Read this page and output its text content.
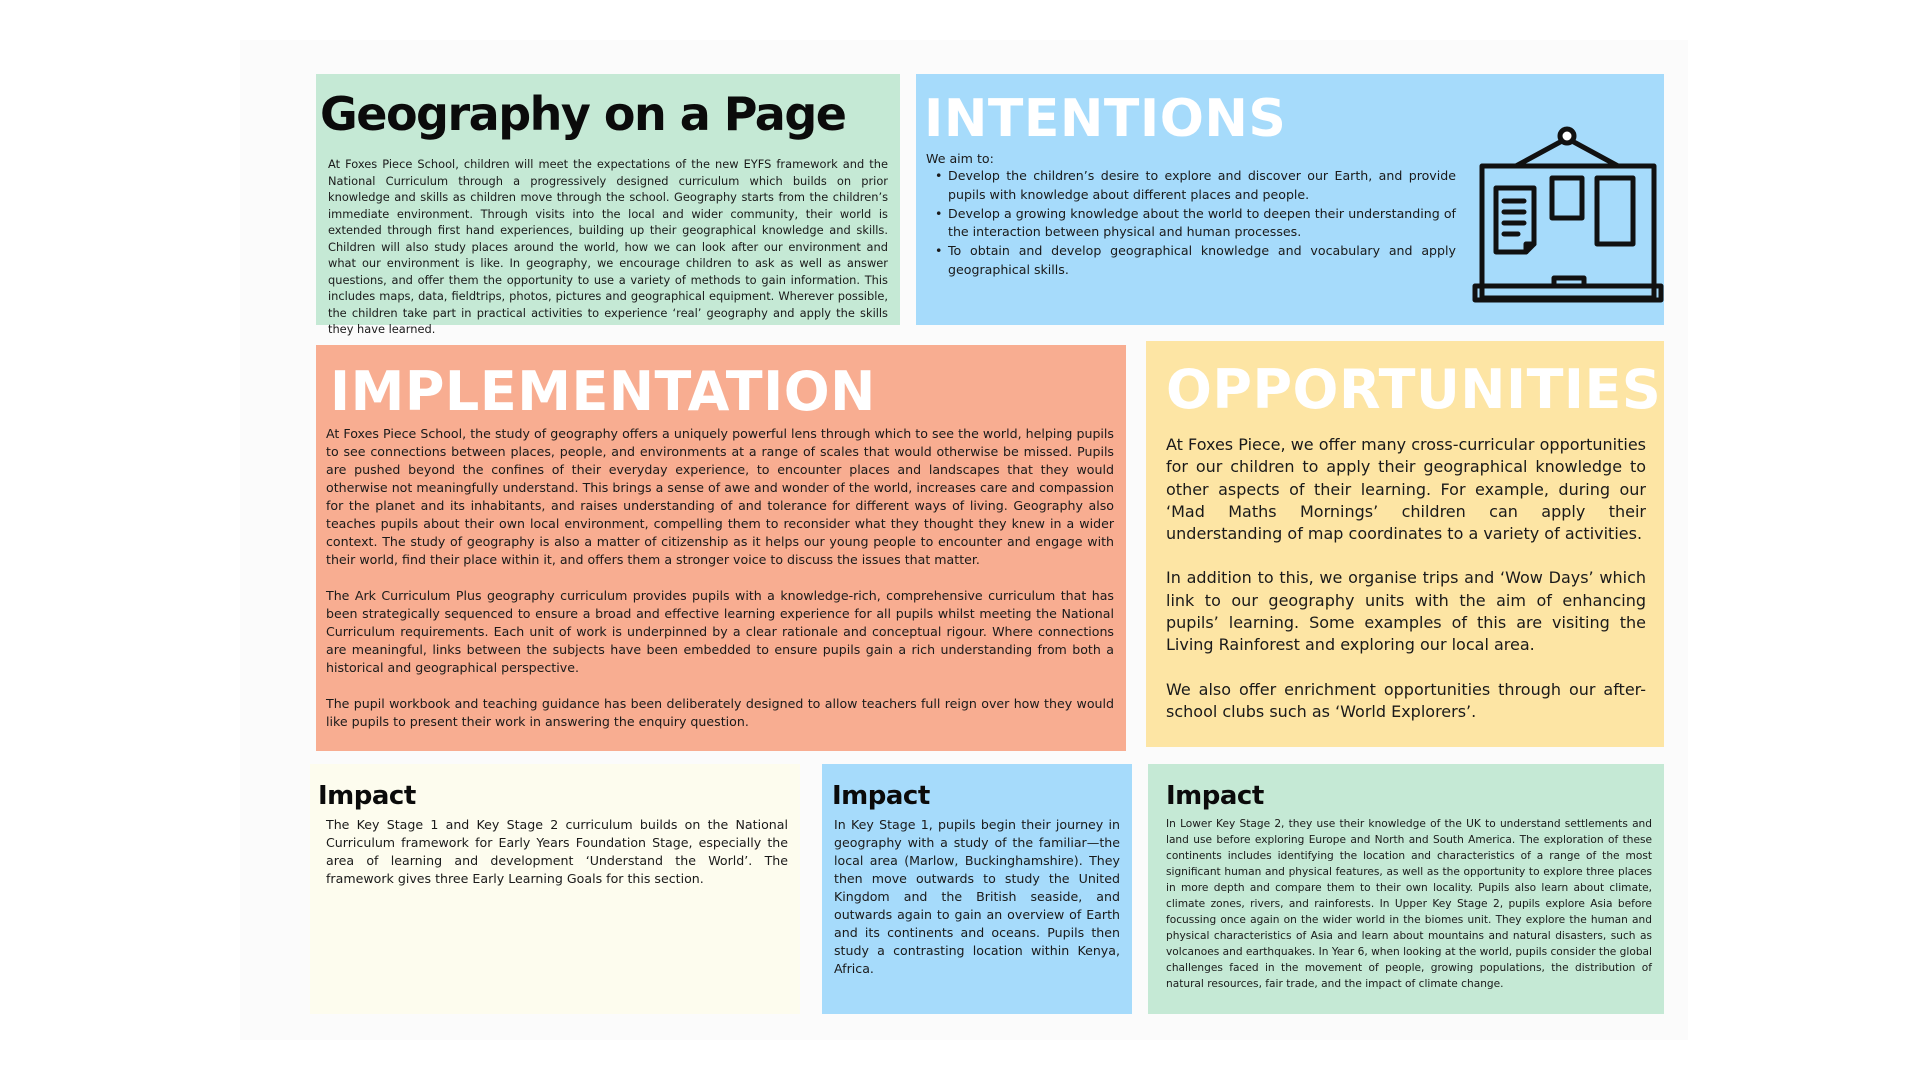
Geography on a Page

At Foxes Piece School, children will meet the expectations of the new EYFS framework and the National Curriculum through a progressively designed curriculum which builds on prior knowledge and skills as children move through the school. Geography starts from the children’s immediate environment. Through visits into the local and wider community, their world is extended through first hand experiences, building up their geographical knowledge and skills. Children will also study places around the world, how we can look after our environment and what our environment is like. In geography, we encourage children to ask as well as answer questions, and offer them the opportunity to use a variety of methods to gain information. This includes maps, data, fieldtrips, photos, pictures and geographical equipment. Wherever possible, the children take part in practical activities to experience ‘real’ geography and apply the skills they have learned.

INTENTIONS

We aim to:

• Develop the children’s desire to explore and discover our Earth, and provide pupils with knowledge about different places and people.
• Develop a growing knowledge about the world to deepen their understanding of the interaction between physical and human processes.
• To obtain and develop geographical knowledge and vocabulary and apply geographical skills.
IMPLEMENTATION

At Foxes Piece School, the study of geography offers a uniquely powerful lens through which to see the world, helping pupils to see connections between places, people, and environments at a range of scales that would otherwise be missed. Pupils are pushed beyond the confines of their everyday experience, to encounter places and landscapes that they would otherwise not meaningfully understand. This brings a sense of awe and wonder of the world, increases care and compassion for the planet and its inhabitants, and raises understanding of and tolerance for different ways of living. Geography also teaches pupils about their own local environment, compelling them to reconsider what they thought they knew in a wider context. The study of geography is also a matter of citizenship as it helps our young people to encounter and engage with their world, find their place within it, and offers them a stronger voice to discuss the issues that matter.

The Ark Curriculum Plus geography curriculum provides pupils with a knowledge-rich, comprehensive curriculum that has been strategically sequenced to ensure a broad and effective learning experience for all pupils whilst meeting the National Curriculum requirements. Each unit of work is underpinned by a clear rationale and conceptual rigour. Where connections are meaningful, links between the subjects have been embedded to ensure pupils gain a rich understanding from both a historical and geographical perspective.

The pupil workbook and teaching guidance has been deliberately designed to allow teachers full reign over how they would like pupils to present their work in answering the enquiry question.

OPPORTUNITIES

At Foxes Piece, we offer many cross-curricular opportunities for our children to apply their geographical knowledge to other aspects of their learning. For example, during our ‘Mad Maths Mornings’ children can apply their understanding of map coordinates to a variety of activities.

In addition to this, we organise trips and ‘Wow Days’ which link to our geography units with the aim of enhancing pupils’ learning. Some examples of this are visiting the Living Rainforest and exploring our local area.

We also offer enrichment opportunities through our after-school clubs such as ‘World Explorers’.

Impact

The Key Stage 1 and Key Stage 2 curriculum builds on the National Curriculum framework for Early Years Foundation Stage, especially the area of learning and development ‘Understand the World’. The framework gives three Early Learning Goals for this section.

Impact

In Key Stage 1, pupils begin their journey in geography with a study of the familiar—the local area (Marlow, Buckinghamshire). They then move outwards to study the United Kingdom and the British seaside, and outwards again to gain an overview of Earth and its continents and oceans. Pupils then study a contrasting location within Kenya, Africa.

Impact

In Lower Key Stage 2, they use their knowledge of the UK to understand settlements and land use before exploring Europe and North and South America. The exploration of these continents includes identifying the location and characteristics of a range of the most significant human and physical features, as well as the opportunity to explore three places in more depth and compare them to their own locality. Pupils also learn about climate, climate zones, rivers, and rainforests. In Upper Key Stage 2, pupils explore Asia before focussing once again on the wider world in the biomes unit. They explore the human and physical characteristics of Asia and learn about mountains and natural disasters, such as volcanoes and earthquakes. In Year 6, when looking at the world, pupils consider the global challenges faced in the movement of people, growing populations, the distribution of natural resources, fair trade, and the impact of climate change.
